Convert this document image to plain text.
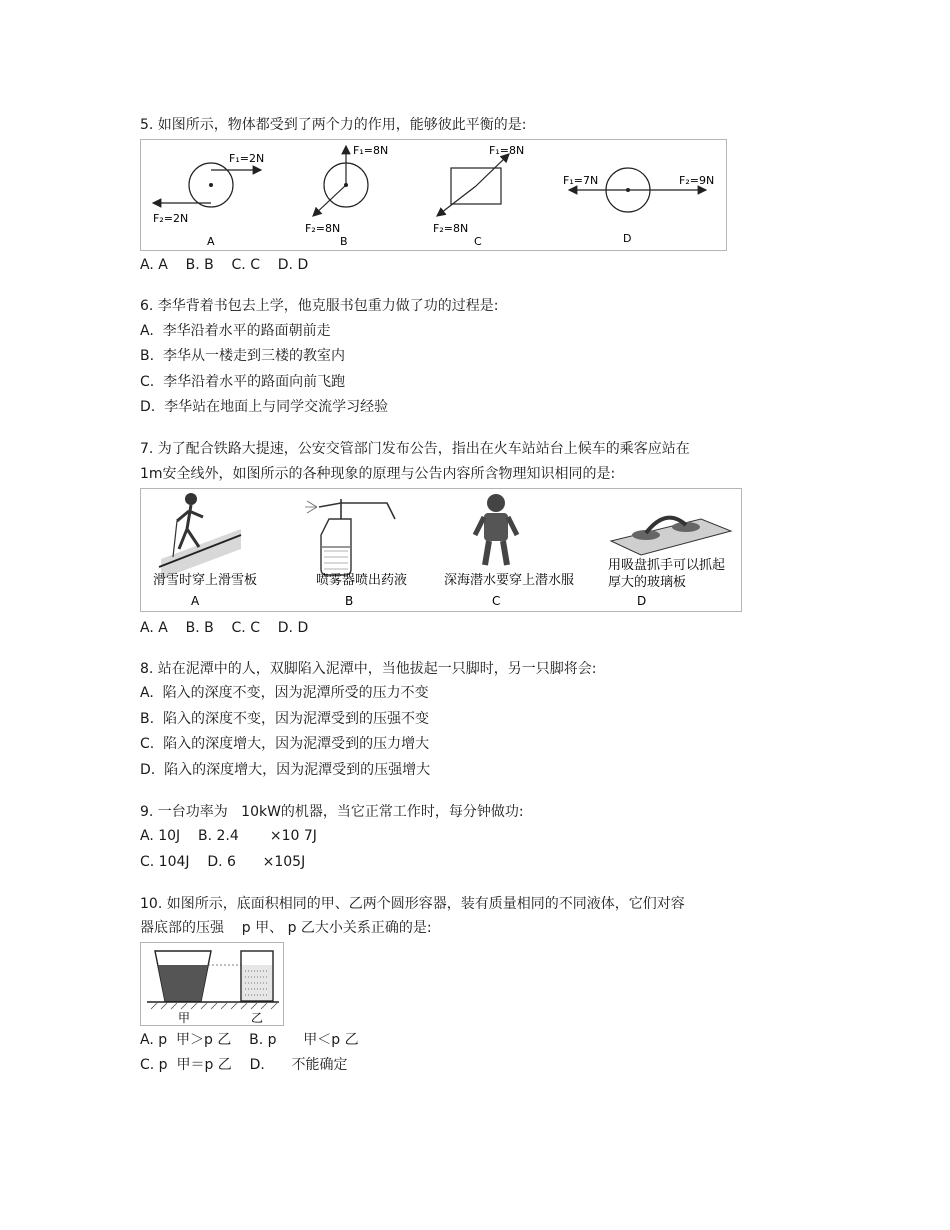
5. 如图所示，物体都受到了两个力的作用，能够彼此平衡的是:
F₁=2N
F₂=2N
A
F₁=8N
F₂=8N
B
F₁=8N
F₂=8N
C
F₁=7N	F₂=9N
D
A. A    B. B    C. C    D. D
6. 李华背着书包去上学，他克服书包重力做了功的过程是:
A.  李华沿着水平的路面朝前走
B.  李华从一楼走到三楼的教室内
C.  李华沿着水平的路面向前飞跑
D.  李华站在地面上与同学交流学习经验
7. 为了配合铁路大提速，公安交管部门发布公告，指出在火车站站台上候车的乘客应站在
1m安全线外，如图所示的各种现象的原理与公告内容所含物理知识相同的是:
滑雪时穿上滑雪板
A
喷雾器喷出药液
B
深海潜水要穿上潜水服
C
用吸盘抓手可以抓起
厚大的玻璃板
D
A. A    B. B    C. C    D. D
8. 站在泥潭中的人，双脚陷入泥潭中，当他拔起一只脚时，另一只脚将会:
A.  陷入的深度不变，因为泥潭所受的压力不变
B.  陷入的深度不变，因为泥潭受到的压强不变
C.  陷入的深度增大，因为泥潭受到的压力增大
D.  陷入的深度增大，因为泥潭受到的压强增大
9. 一台功率为   10kW的机器，当它正常工作时，每分钟做功:
A. 10J    B. 2.4       ×10 7J
C. 104J    D. 6      ×105J
10. 如图所示，底面积相同的甲、乙两个圆形容器，装有质量相同的不同液体，它们对容
器底部的压强    p 甲、 p 乙大小关系正确的是:
甲	乙
A. p  甲＞p 乙    B. p      甲＜p 乙
C. p  甲＝p 乙    D.      不能确定
